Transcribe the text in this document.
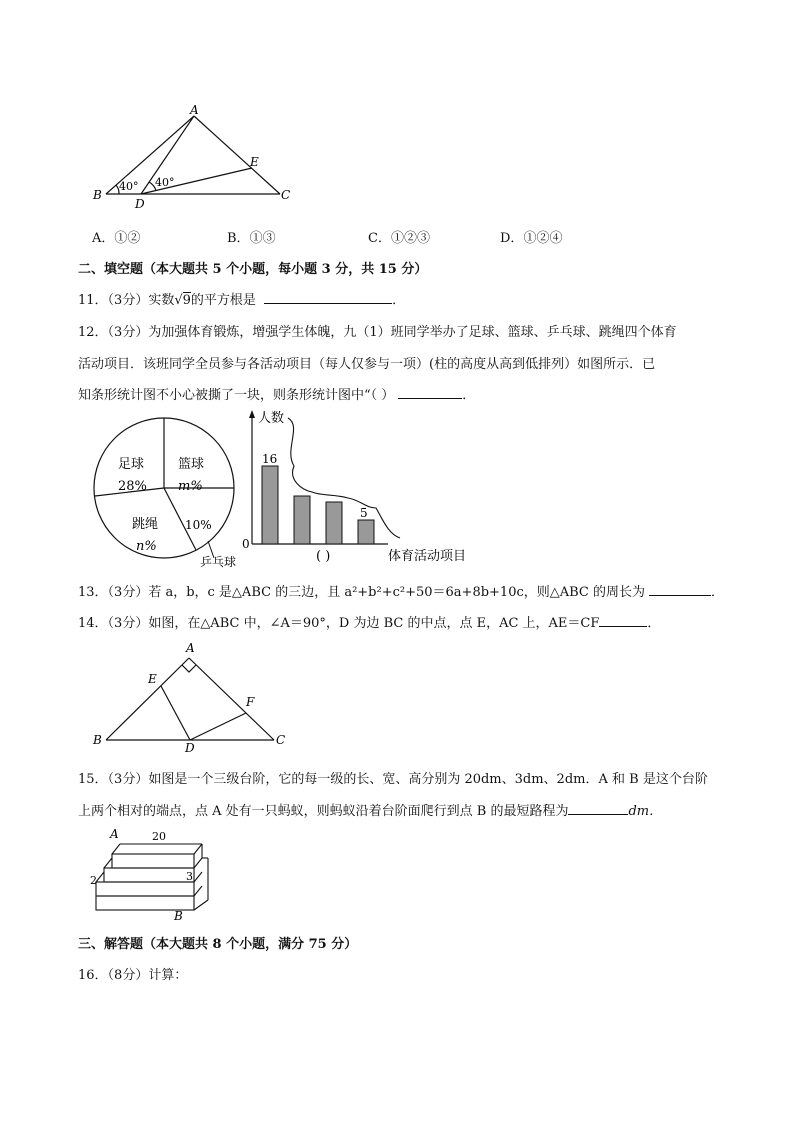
A
B	C
D
E
40° 40°
A．①②	B．①③	C．①②③	D．①②④
二、填空题（本大题共 5 个小题，每小题 3 分，共 15 分）
11．（3分）实数√9的平方根是	．
12．（3分）为加强体育锻炼，增强学生体魄，九（1）班同学举办了足球、篮球、乒乓球、跳绳四个体育
活动项目．该班同学全员参与各活动项目（每人仅参与一项）(柱的高度从高到低排列）如图所示．已
知条形统计图不小心被撕了一块，则条形统计图中“（ ）	．
足球
28%
篮球
m%
10%
跳绳
n%
乒乓球
人数
0
16
5
( )	体育活动项目
13．（3分）若 a，b，c 是△ABC 的三边，且 a²+b²+c²+50＝6a+8b+10c，则△ABC 的周长为	．
14．（3分）如图，在△ABC 中，∠A＝90°，D 为边 BC 的中点，点 E，AC 上，AE＝CF	．
A
B	C
D
E
F
15．（3分）如图是一个三级台阶，它的每一级的长、宽、高分别为 20dm、3dm、2dm．A 和 B 是这个台阶
上两个相对的端点，点 A 处有一只蚂蚁，则蚂蚁沿着台阶面爬行到点 B 的最短路程为	dm．
A	20
2	3
B
三、解答题（本大题共 8 个小题，满分 75 分）
16．（8分）计算：
